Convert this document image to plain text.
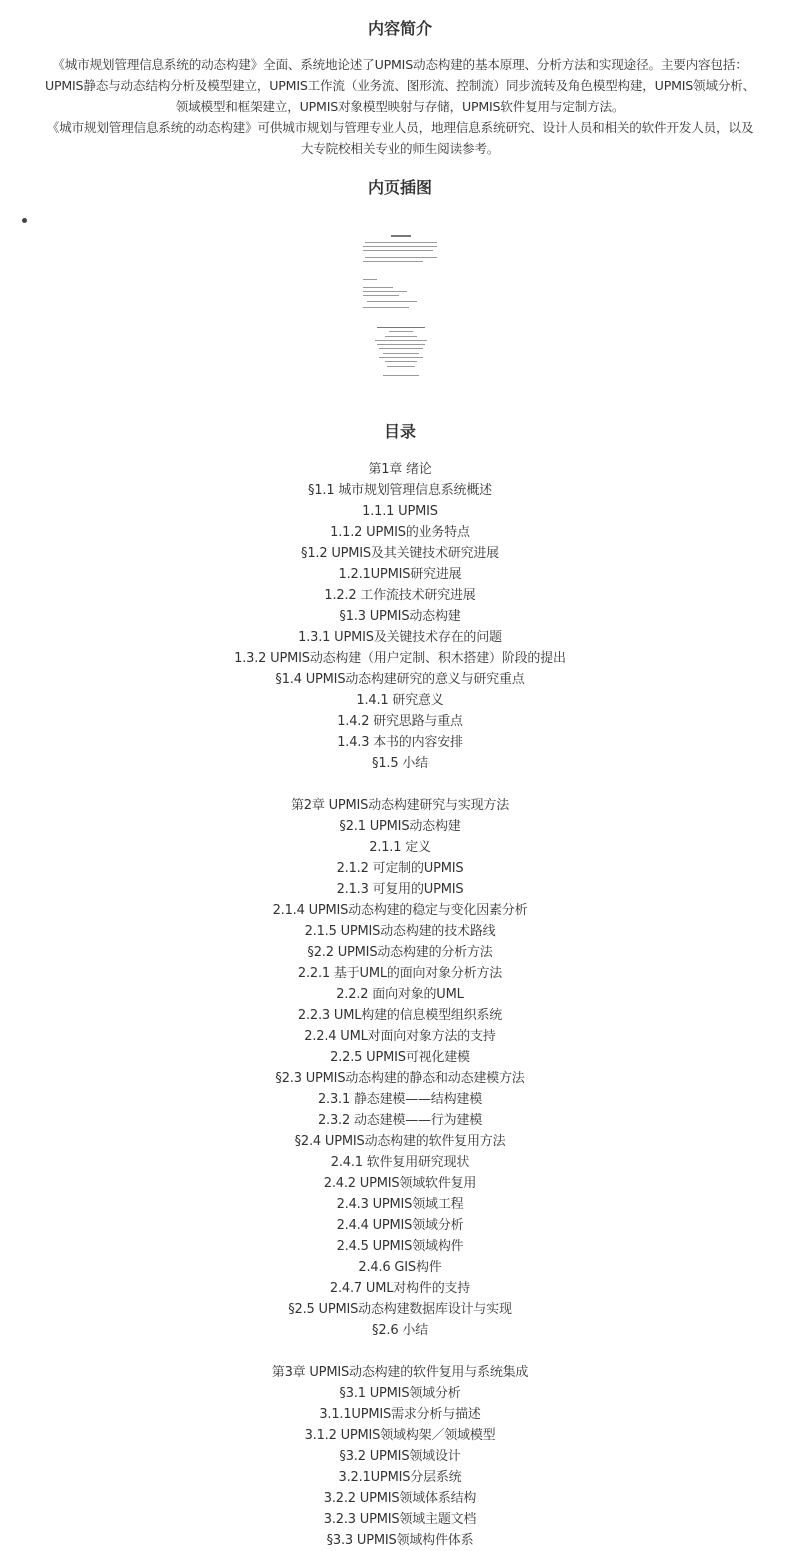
内容简介
《城市规划管理信息系统的动态构建》全面、系统地论述了UPMIS动态构建的基本原理、分析方法和实现途径。主要内容包括：
UPMIS静态与动态结构分析及模型建立，UPMIS工作流（业务流、图形流、控制流）同步流转及角色模型构建，UPMIS领域分析、
领域模型和框架建立，UPMIS对象模型映射与存储，UPMIS软件复用与定制方法。
《城市规划管理信息系统的动态构建》可供城市规划与管理专业人员，地理信息系统研究、设计人员和相关的软件开发人员，以及
大专院校相关专业的师生阅读参考。
内页插图
目录
第1章 绪论
§1.1 城市规划管理信息系统概述
1.1.1 UPMIS
1.1.2 UPMIS的业务特点
§1.2 UPMIS及其关键技术研究进展
1.2.1UPMIS研究进展
1.2.2 工作流技术研究进展
§1.3 UPMIS动态构建
1.3.1 UPMIS及关键技术存在的问题
1.3.2 UPMIS动态构建（用户定制、积木搭建）阶段的提出
§1.4 UPMIS动态构建研究的意义与研究重点
1.4.1 研究意义
1.4.2 研究思路与重点
1.4.3 本书的内容安排
§1.5 小结
第2章 UPMIS动态构建研究与实现方法
§2.1 UPMIS动态构建
2.1.1 定义
2.1.2 可定制的UPMIS
2.1.3 可复用的UPMIS
2.1.4 UPMIS动态构建的稳定与变化因素分析
2.1.5 UPMIS动态构建的技术路线
§2.2 UPMIS动态构建的分析方法
2.2.1 基于UML的面向对象分析方法
2.2.2 面向对象的UML
2.2.3 UML构建的信息模型组织系统
2.2.4 UML对面向对象方法的支持
2.2.5 UPMIS可视化建模
§2.3 UPMIS动态构建的静态和动态建模方法
2.3.1 静态建模——结构建模
2.3.2 动态建模——行为建模
§2.4 UPMIS动态构建的软件复用方法
2.4.1 软件复用研究现状
2.4.2 UPMIS领域软件复用
2.4.3 UPMIS领域工程
2.4.4 UPMIS领域分析
2.4.5 UPMIS领域构件
2.4.6 GIS构件
2.4.7 UML对构件的支持
§2.5 UPMIS动态构建数据库设计与实现
§2.6 小结
第3章 UPMIS动态构建的软件复用与系统集成
§3.1 UPMIS领域分析
3.1.1UPMIS需求分析与描述
3.1.2 UPMIS领域构架／领域模型
§3.2 UPMIS领域设计
3.2.1UPMIS分层系统
3.2.2 UPMIS领域体系结构
3.2.3 UPMIS领域主题文档
§3.3 UPMIS领域构件体系
